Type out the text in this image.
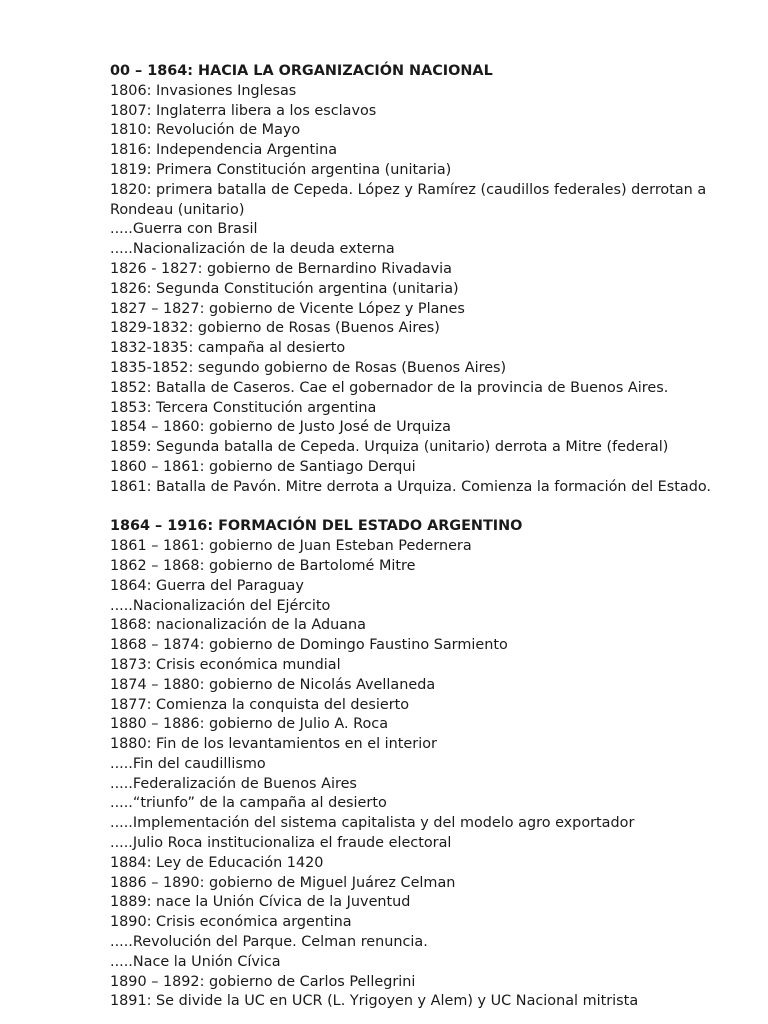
00 – 1864: HACIA LA ORGANIZACIÓN NACIONAL
1806: Invasiones Inglesas
1807: Inglaterra libera a los esclavos
1810: Revolución de Mayo
1816: Independencia Argentina
1819: Primera Constitución argentina (unitaria)
1820: primera batalla de Cepeda. López y Ramírez (caudillos federales) derrotan a Rondeau (unitario)
.....Guerra con Brasil
.....Nacionalización de la deuda externa
1826 - 1827: gobierno de Bernardino Rivadavia
1826: Segunda Constitución argentina (unitaria)
1827 – 1827: gobierno de Vicente López y Planes
1829-1832: gobierno de Rosas (Buenos Aires)
1832-1835: campaña al desierto
1835-1852: segundo gobierno de Rosas (Buenos Aires)
1852: Batalla de Caseros. Cae el gobernador de la provincia de Buenos Aires.
1853: Tercera Constitución argentina
1854 – 1860: gobierno de Justo José de Urquiza
1859: Segunda batalla de Cepeda. Urquiza (unitario) derrota a Mitre (federal)
1860 – 1861: gobierno de Santiago Derqui
1861: Batalla de Pavón. Mitre derrota a Urquiza. Comienza la formación del Estado.
1864 – 1916: FORMACIÓN DEL ESTADO ARGENTINO
1861 – 1861: gobierno de Juan Esteban Pedernera
1862 – 1868: gobierno de Bartolomé Mitre
1864: Guerra del Paraguay
.....Nacionalización del Ejército
1868: nacionalización de la Aduana
1868 – 1874: gobierno de Domingo Faustino Sarmiento
1873: Crisis económica mundial
1874 – 1880: gobierno de Nicolás Avellaneda
1877: Comienza la conquista del desierto
1880 – 1886: gobierno de Julio A. Roca
1880: Fin de los levantamientos en el interior
.....Fin del caudillismo
.....Federalización de Buenos Aires
.....“triunfo” de la campaña al desierto
.....Implementación del sistema capitalista y del modelo agro exportador
.....Julio Roca institucionaliza el fraude electoral
1884: Ley de Educación 1420
1886 – 1890: gobierno de Miguel Juárez Celman
1889: nace la Unión Cívica de la Juventud
1890: Crisis económica argentina
.....Revolución del Parque. Celman renuncia.
.....Nace la Unión Cívica
1890 – 1892: gobierno de Carlos Pellegrini
1891: Se divide la UC en UCR (L. Yrigoyen y Alem) y UC Nacional mitrista
